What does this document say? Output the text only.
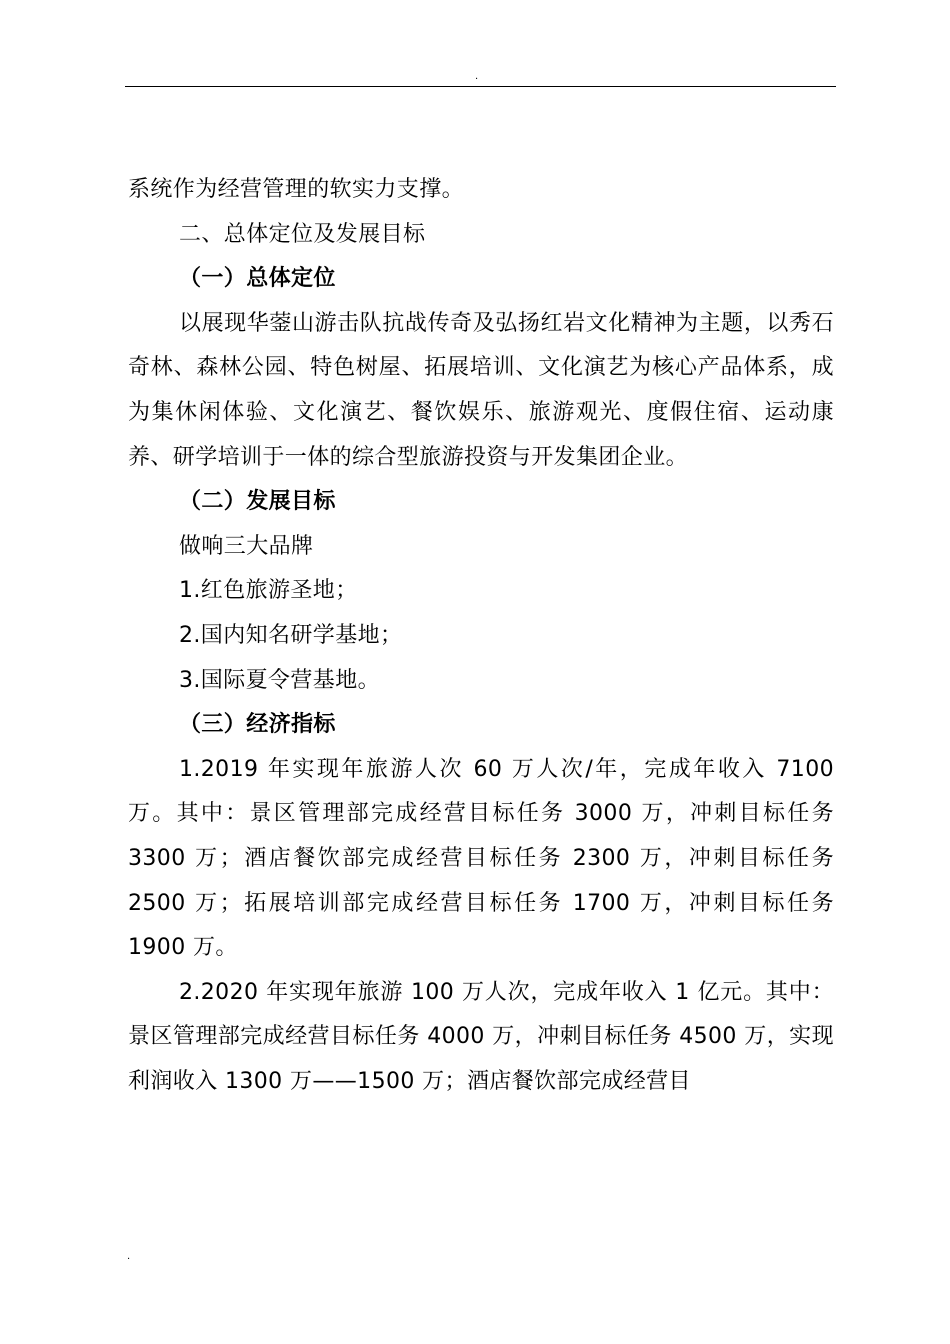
.

系统作为经营管理的软实力支撑。

二、总体定位及发展目标

（一）总体定位

以展现华蓥山游击队抗战传奇及弘扬红岩文化精神为主题，以秀石奇林、森林公园、特色树屋、拓展培训、文化演艺为核心产品体系，成为集休闲体验、文化演艺、餐饮娱乐、旅游观光、度假住宿、运动康养、研学培训于一体的综合型旅游投资与开发集团企业。

（二）发展目标

做响三大品牌

1.红色旅游圣地；

2.国内知名研学基地；

3.国际夏令营基地。

（三）经济指标

1.2019 年实现年旅游人次 60 万人次/年，完成年收入 7100 万。其中：景区管理部完成经营目标任务 3000 万，冲刺目标任务 3300 万；酒店餐饮部完成经营目标任务 2300 万，冲刺目标任务 2500 万；拓展培训部完成经营目标任务 1700 万，冲刺目标任务 1900 万。

2.2020 年实现年旅游 100 万人次，完成年收入 1 亿元。其中：景区管理部完成经营目标任务 4000 万，冲刺目标任务 4500 万，实现利润收入 1300 万——1500 万；酒店餐饮部完成经营目

.
